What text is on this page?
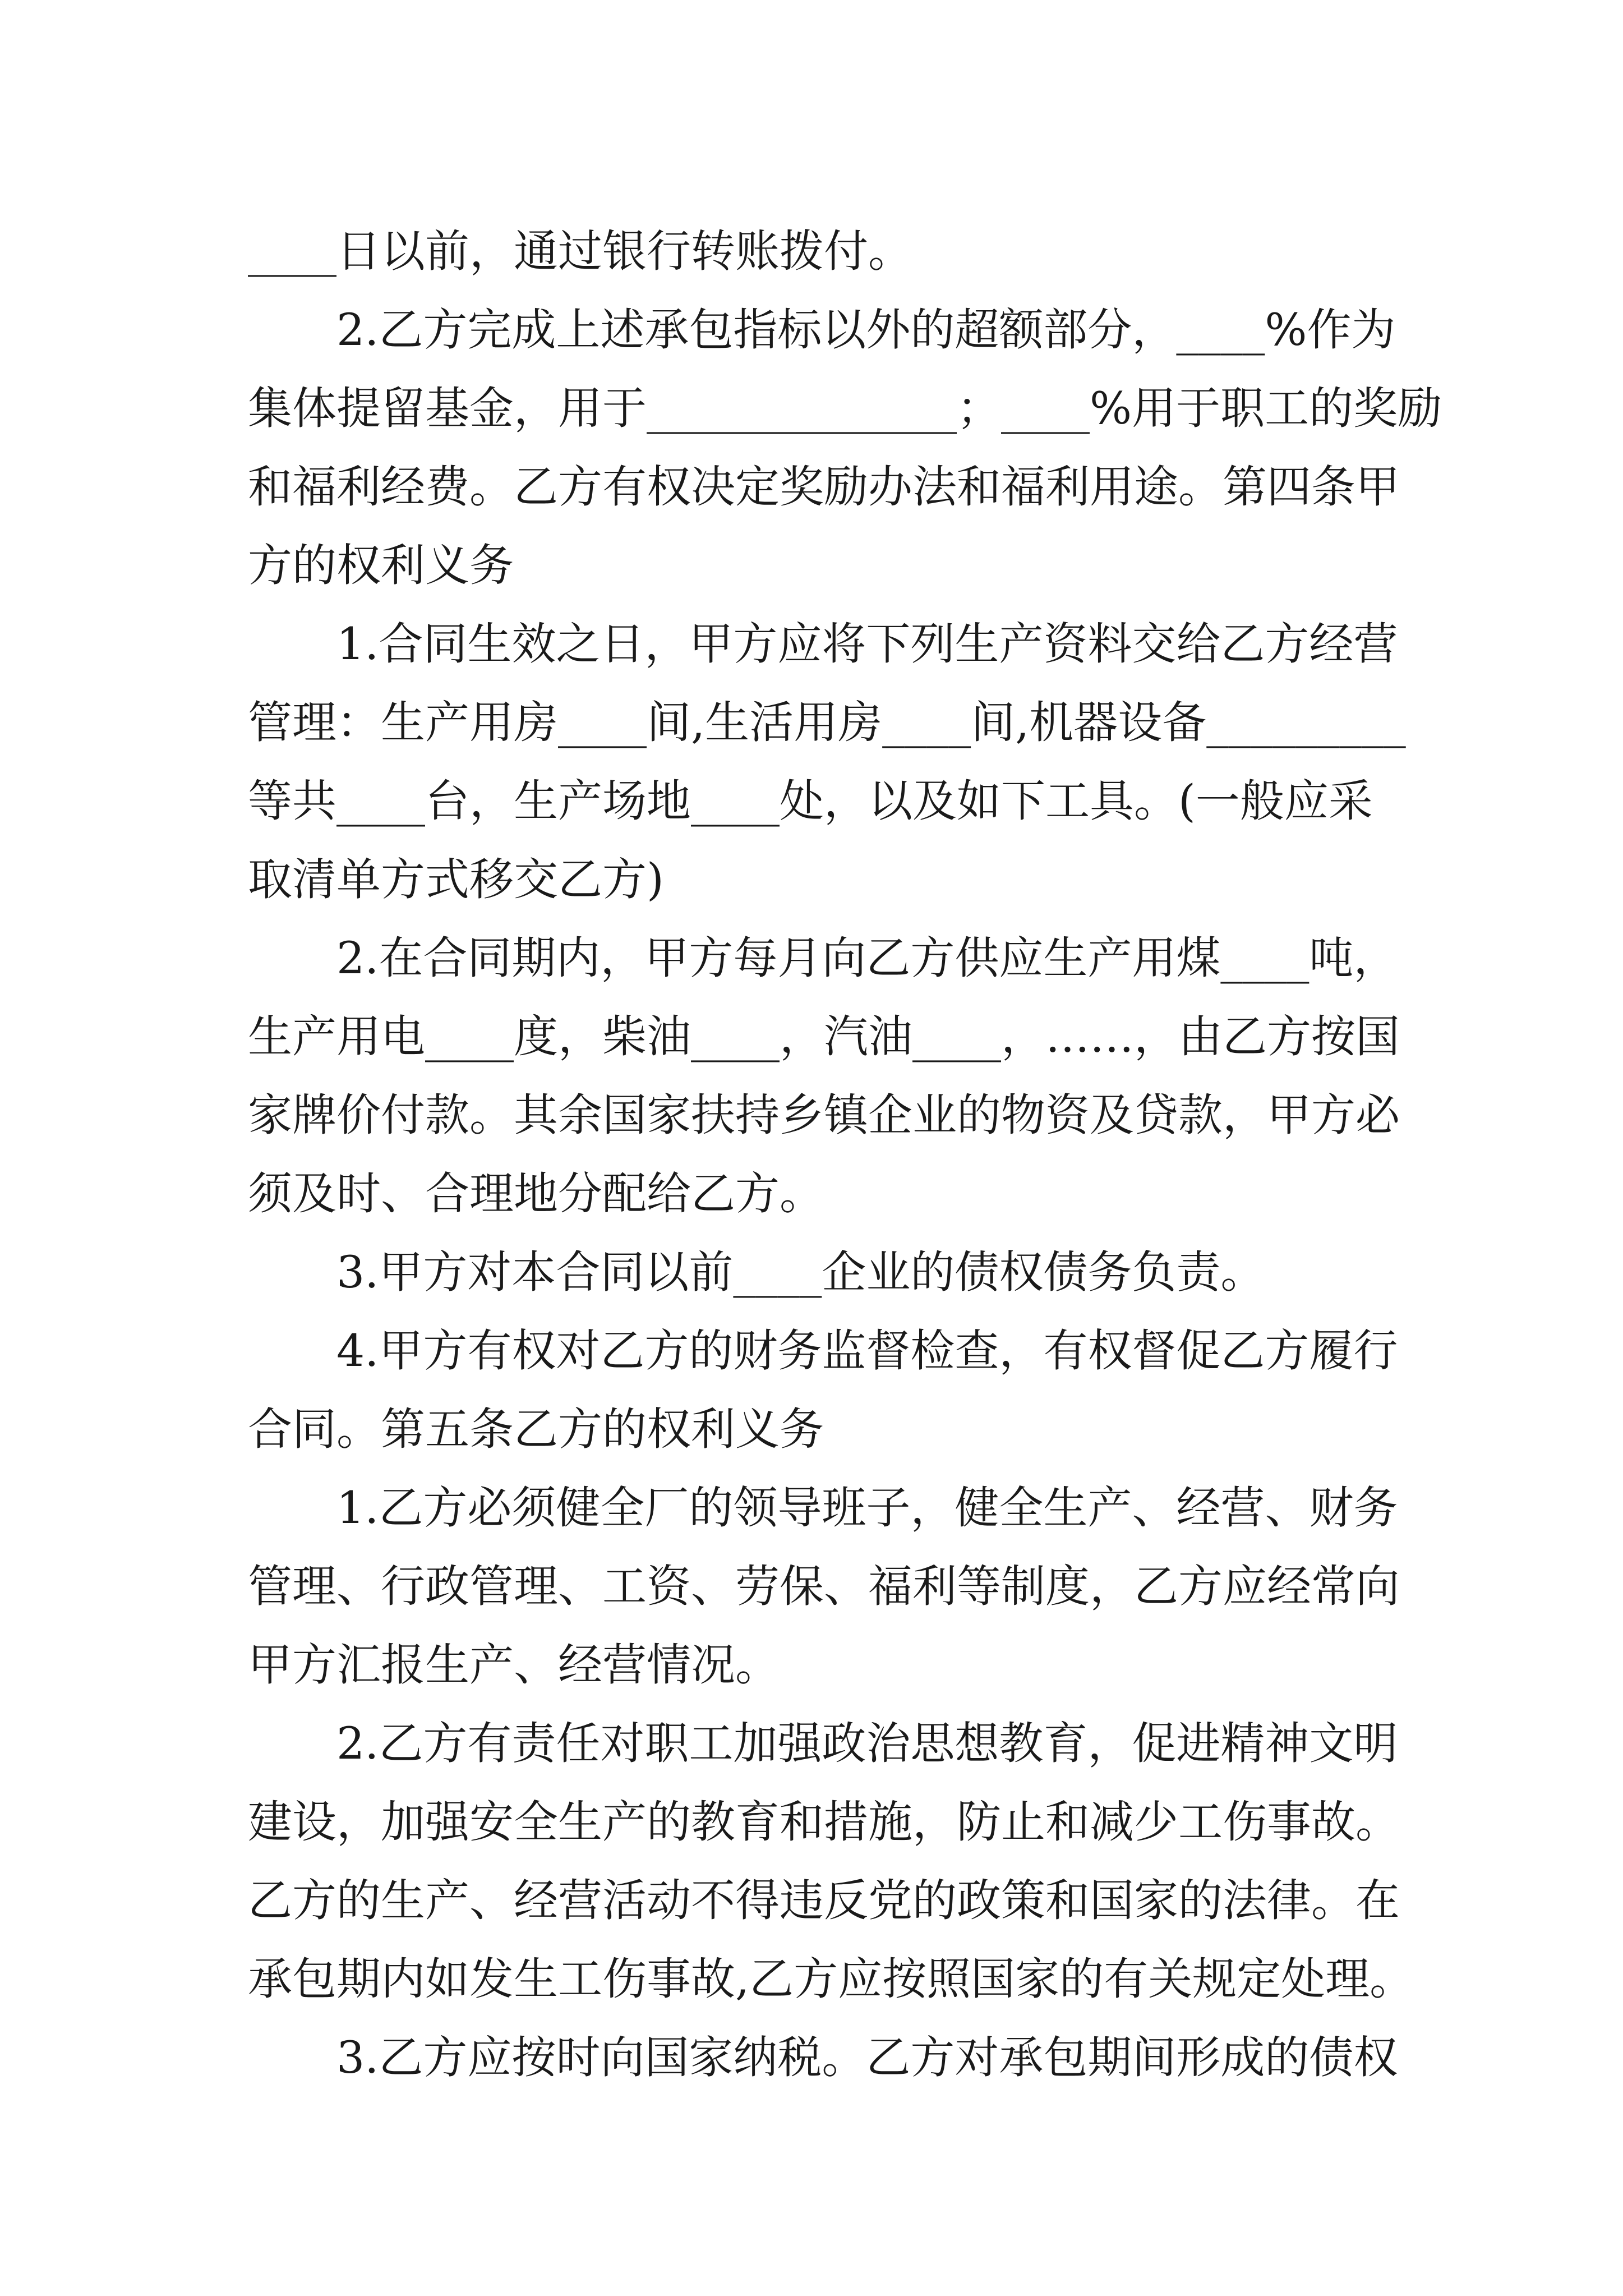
____日以前，通过银行转账拨付。
2.乙方完成上述承包指标以外的超额部分，____%作为
集体提留基金，用于______________；____%用于职工的奖励
和福利经费。乙方有权决定奖励办法和福利用途。第四条甲
方的权利义务
1.合同生效之日，甲方应将下列生产资料交给乙方经营
管理：生产用房____间,生活用房____间,机器设备_________
等共____台，生产场地____处，以及如下工具。(一般应采
取清单方式移交乙方)
2.在合同期内，甲方每月向乙方供应生产用煤____吨，
生产用电____度，柴油____，汽油____，……，由乙方按国
家牌价付款。其余国家扶持乡镇企业的物资及贷款，甲方必
须及时、合理地分配给乙方。
3.甲方对本合同以前____企业的债权债务负责。
4.甲方有权对乙方的财务监督检查，有权督促乙方履行
合同。第五条乙方的权利义务
1.乙方必须健全厂的领导班子，健全生产、经营、财务
管理、行政管理、工资、劳保、福利等制度，乙方应经常向
甲方汇报生产、经营情况。
2.乙方有责任对职工加强政治思想教育，促进精神文明
建设，加强安全生产的教育和措施，防止和减少工伤事故。
乙方的生产、经营活动不得违反党的政策和国家的法律。在
承包期内如发生工伤事故,乙方应按照国家的有关规定处理。
3.乙方应按时向国家纳税。乙方对承包期间形成的债权
